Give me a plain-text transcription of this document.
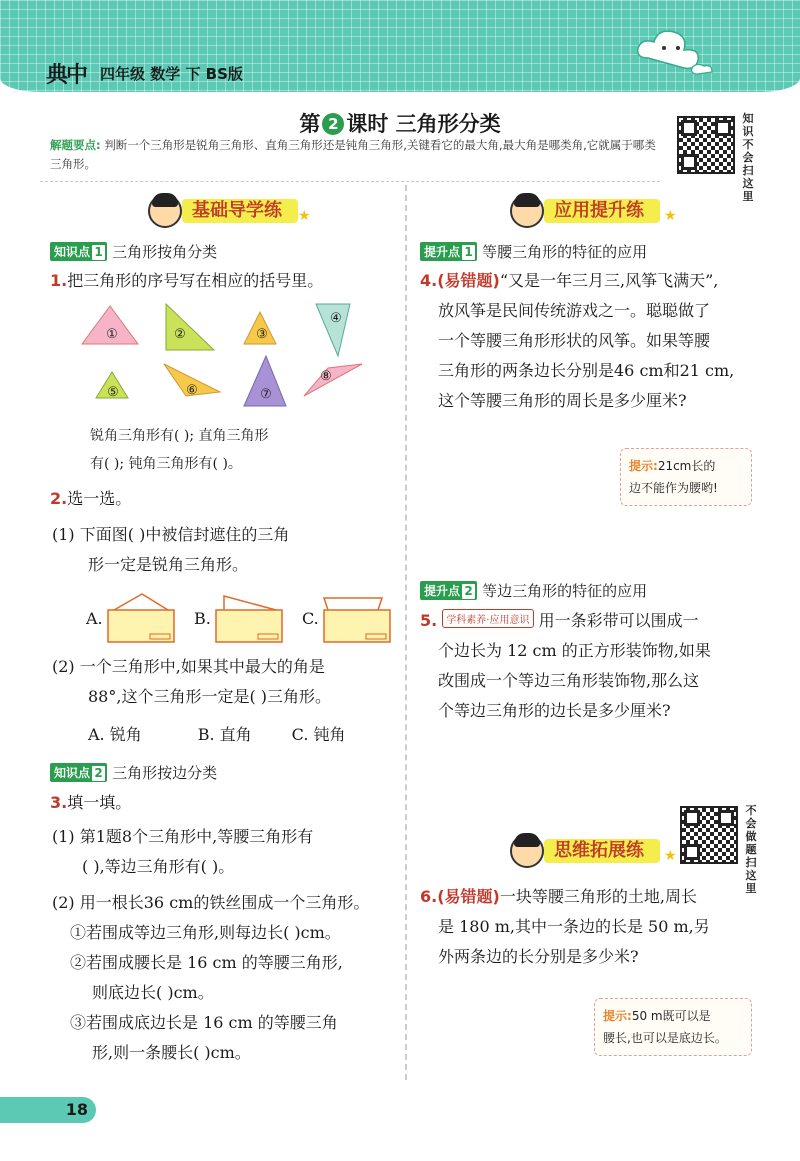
典中 四年级 数学 下 BS版
第 2 课时 三角形分类
解题要点: 判断一个三角形是锐角三角形、直角三角形还是钝角三角形,关键看它的最大角,最大角是哪类角,它就属于哪类三角形。
知识不会扫这里
基础导学练	★
知识点 1 三角形按角分类
1.把三角形的序号写在相应的括号里。
①	②	③
④
⑤	⑥	⑦
⑧
锐角三角形有( ); 直角三角形
有( ); 钝角三角形有( )。
2.选一选。
(1) 下面图( )中被信封遮住的三角
形一定是锐角三角形。
A.	B.	C.
(2) 一个三角形中,如果其中最大的角是
88°,这个三角形一定是( )三角形。
A. 锐角	B. 直角	C. 钝角
知识点 2 三角形按边分类
3.填一填。
(1) 第1题8个三角形中,等腰三角形有
( ),等边三角形有( )。
(2) 用一根长36 cm的铁丝围成一个三角形。
①若围成等边三角形,则每边长( )cm。
②若围成腰长是 16 cm 的等腰三角形,
则底边长( )cm。
③若围成底边长是 16 cm 的等腰三角
形,则一条腰长( )cm。
应用提升练	★
提升点 1 等腰三角形的特征的应用
4.(易错题)“又是一年三月三,风筝飞满天”,
放风筝是民间传统游戏之一。聪聪做了
一个等腰三角形形状的风筝。如果等腰
三角形的两条边长分别是46 cm和21 cm,
这个等腰三角形的周长是多少厘米?
提示:21cm长的
边不能作为腰哟!
提升点 2 等边三角形的特征的应用
5. 学科素养·应用意识 用一条彩带可以围成一
个边长为 12 cm 的正方形装饰物,如果
改围成一个等边三角形装饰物,那么这
个等边三角形的边长是多少厘米?
不会做题扫这里
思维拓展练	★
6.(易错题)一块等腰三角形的土地,周长
是 180 m,其中一条边的长是 50 m,另
外两条边的长分别是多少米?
提示:50 m既可以是
腰长,也可以是底边长。
18
